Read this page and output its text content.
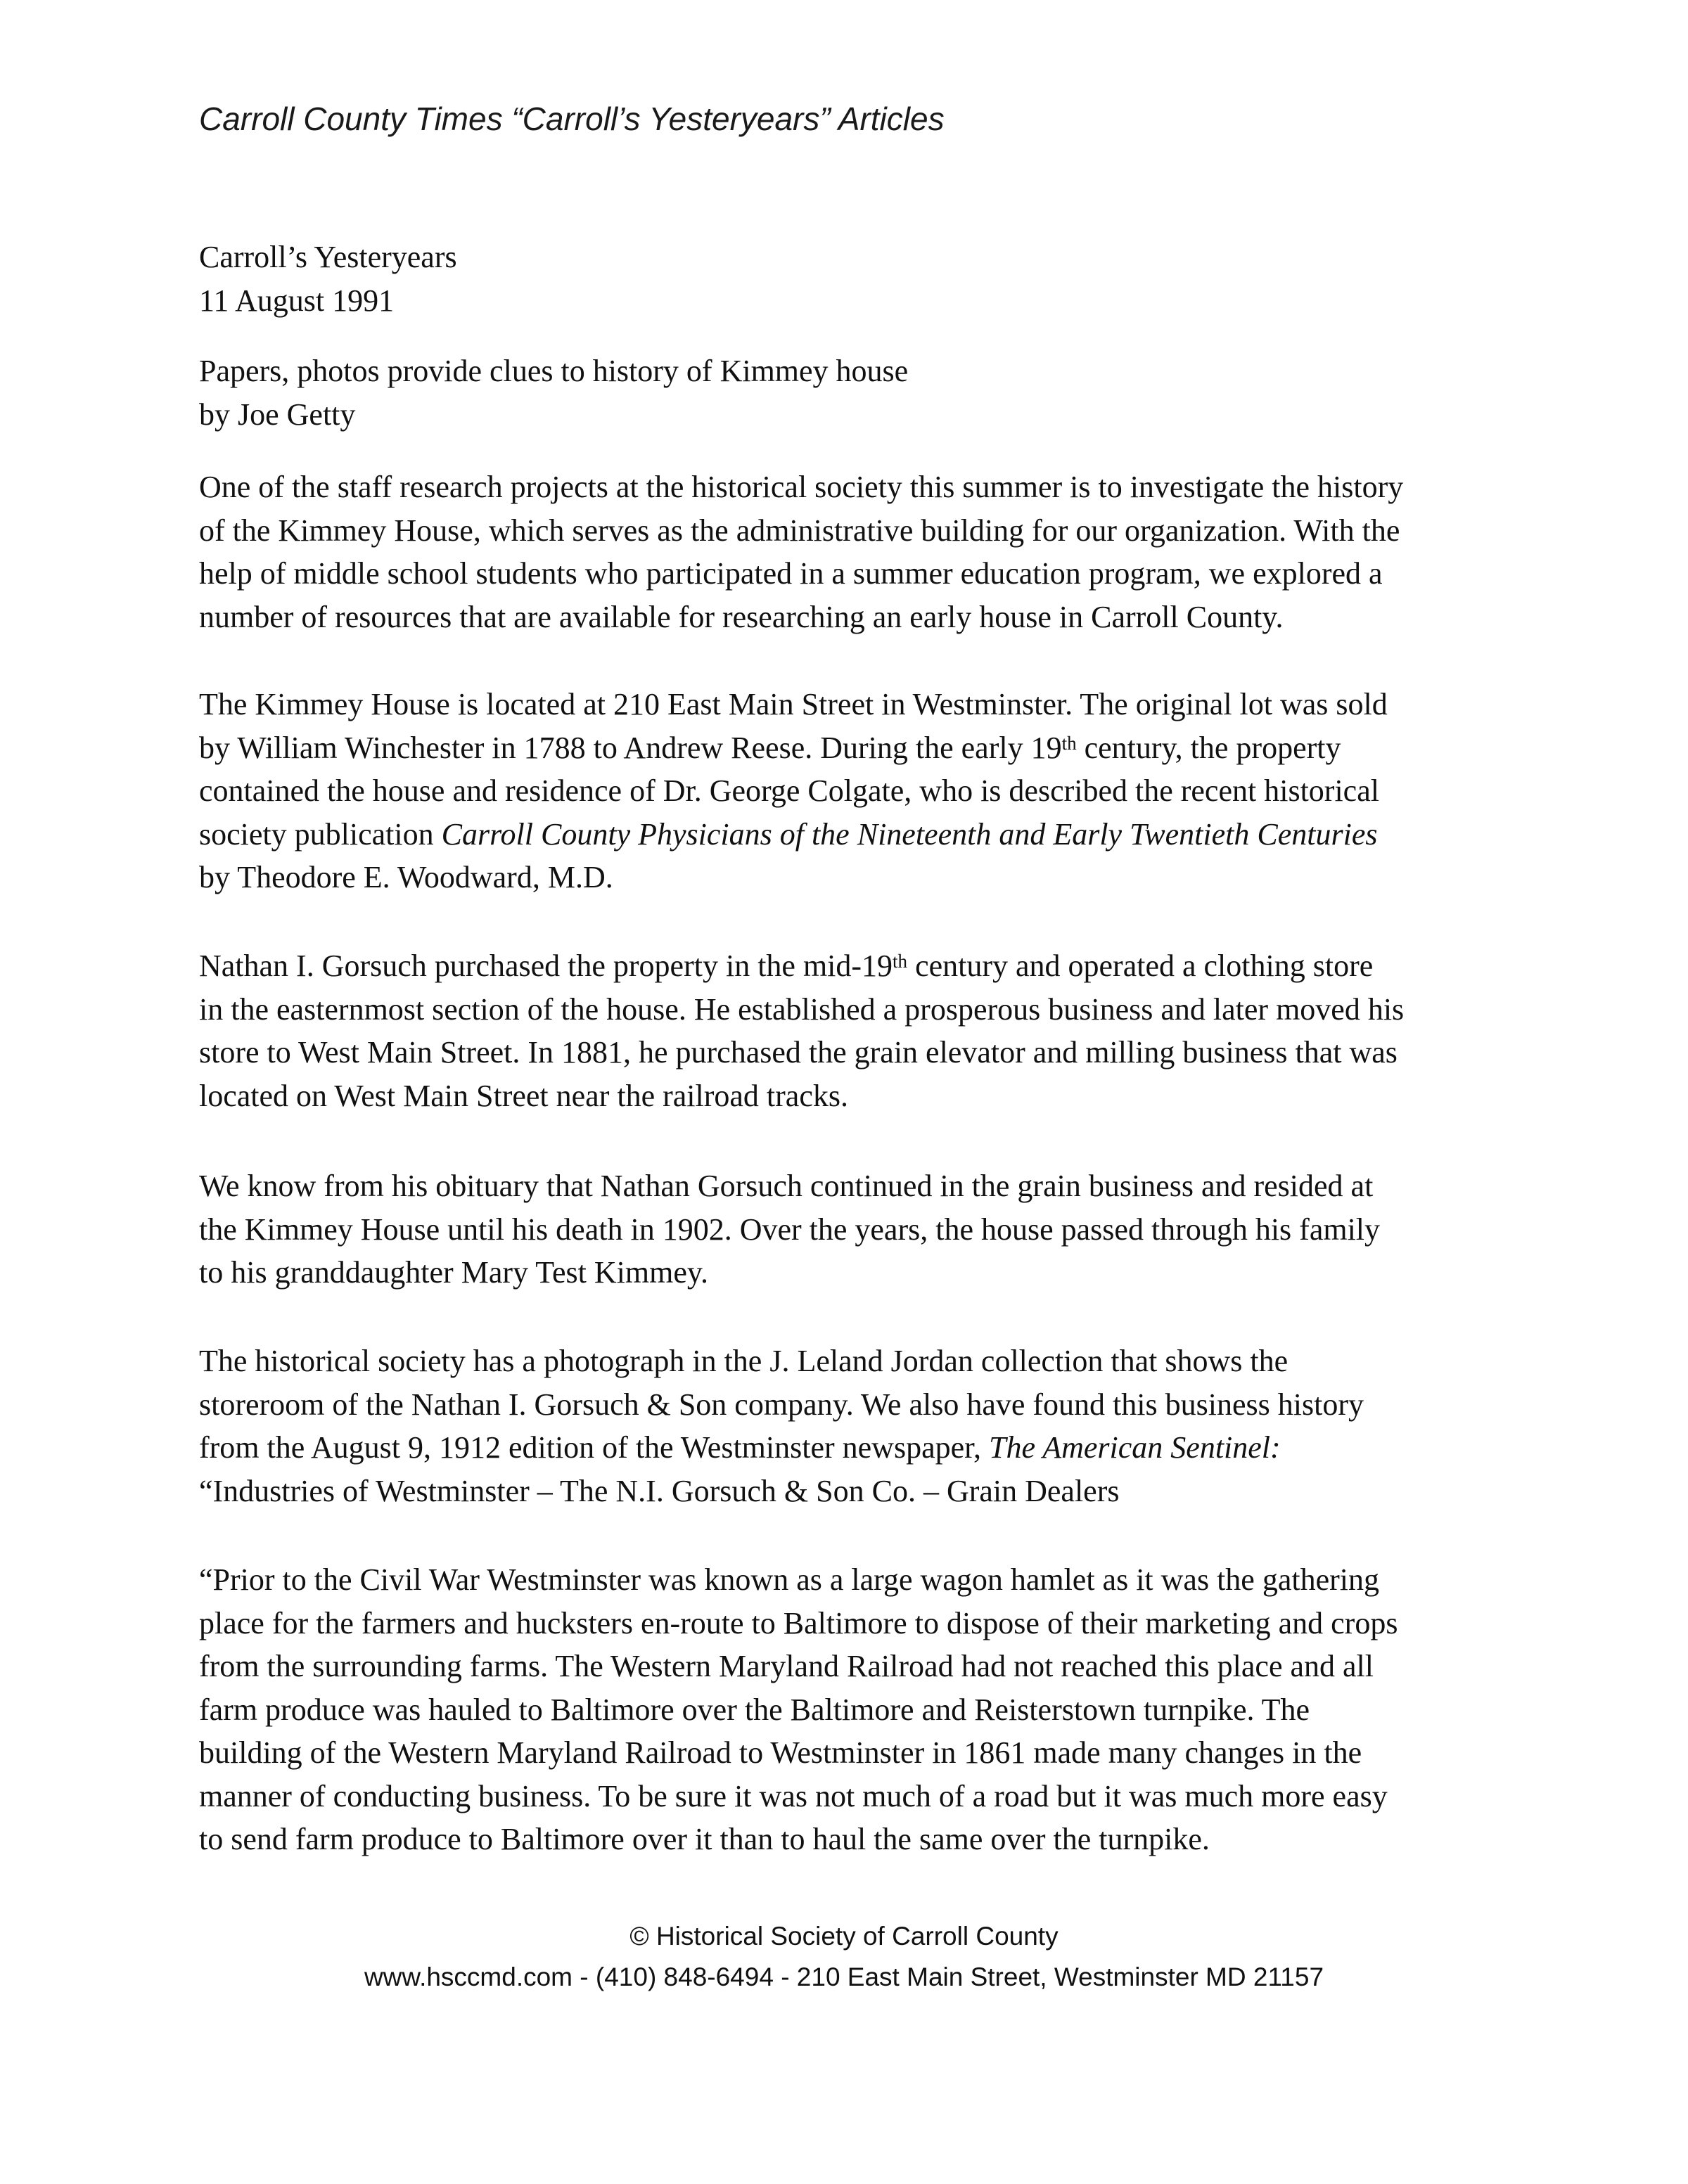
Carroll County Times “Carroll’s Yesteryears” Articles
Carroll’s Yesteryears
11 August 1991
Papers, photos provide clues to history of Kimmey house
by Joe Getty
One of the staff research projects at the historical society this summer is to investigate the history
of the Kimmey House, which serves as the administrative building for our organization. With the
help of middle school students who participated in a summer education program, we explored a
number of resources that are available for researching an early house in Carroll County.
The Kimmey House is located at 210 East Main Street in Westminster. The original lot was sold
by William Winchester in 1788 to Andrew Reese. During the early 19th century, the property
contained the house and residence of Dr. George Colgate, who is described the recent historical
society publication Carroll County Physicians of the Nineteenth and Early Twentieth Centuries
by Theodore E. Woodward, M.D.
Nathan I. Gorsuch purchased the property in the mid-19th century and operated a clothing store
in the easternmost section of the house. He established a prosperous business and later moved his
store to West Main Street. In 1881, he purchased the grain elevator and milling business that was
located on West Main Street near the railroad tracks.
We know from his obituary that Nathan Gorsuch continued in the grain business and resided at
the Kimmey House until his death in 1902. Over the years, the house passed through his family
to his granddaughter Mary Test Kimmey.
The historical society has a photograph in the J. Leland Jordan collection that shows the
storeroom of the Nathan I. Gorsuch & Son company. We also have found this business history
from the August 9, 1912 edition of the Westminster newspaper, The American Sentinel:
“Industries of Westminster – The N.I. Gorsuch & Son Co. – Grain Dealers
“Prior to the Civil War Westminster was known as a large wagon hamlet as it was the gathering
place for the farmers and hucksters en-route to Baltimore to dispose of their marketing and crops
from the surrounding farms. The Western Maryland Railroad had not reached this place and all
farm produce was hauled to Baltimore over the Baltimore and Reisterstown turnpike. The
building of the Western Maryland Railroad to Westminster in 1861 made many changes in the
manner of conducting business. To be sure it was not much of a road but it was much more easy
to send farm produce to Baltimore over it than to haul the same over the turnpike.
© Historical Society of Carroll County
www.hsccmd.com - (410) 848-6494 - 210 East Main Street, Westminster MD 21157
